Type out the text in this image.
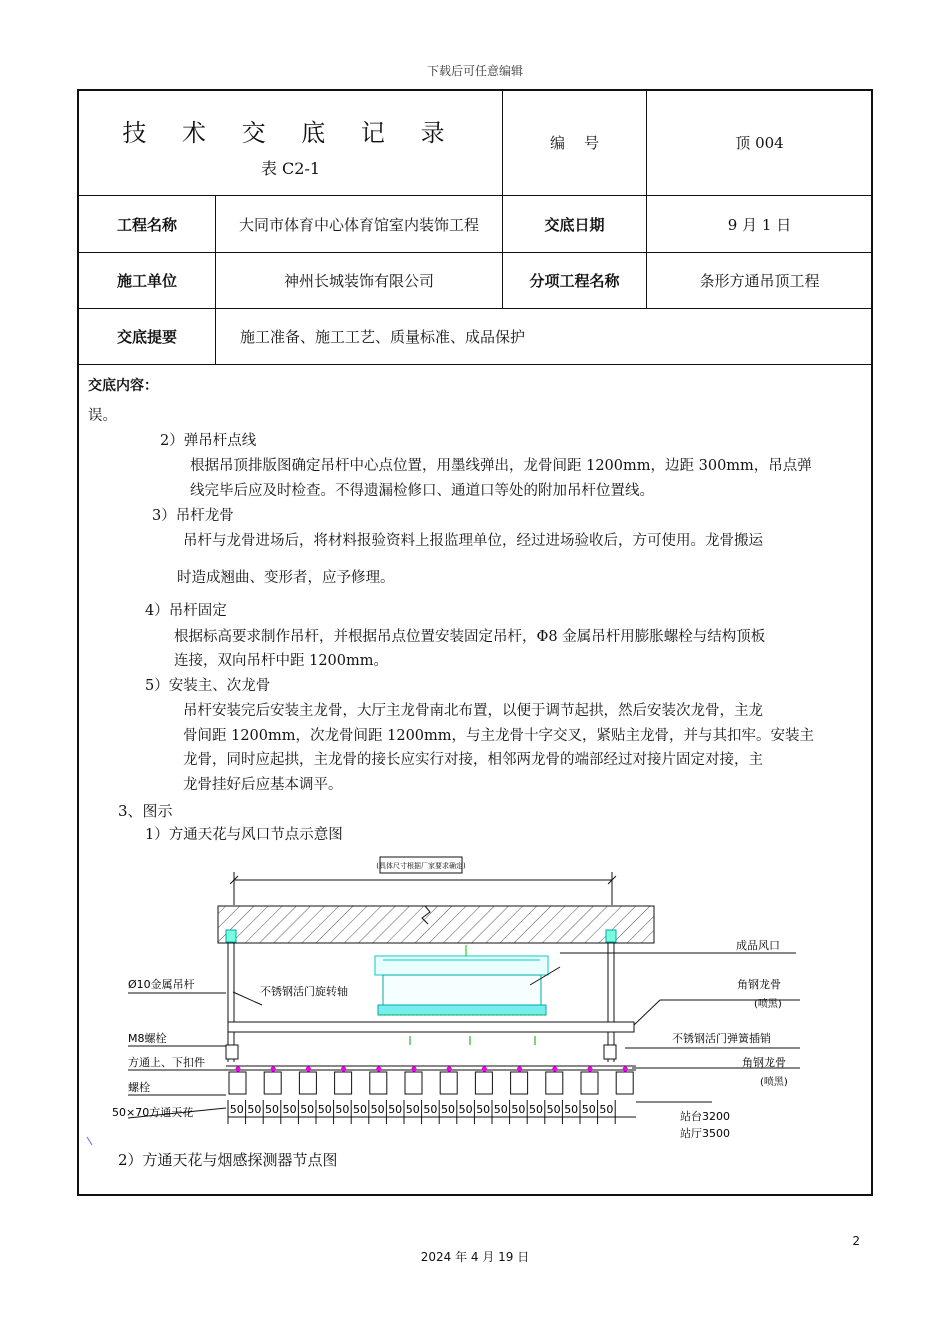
下载后可任意编辑
技 术 交 底 记 录
表 C2-1
编    号	顶 004
工程名称	大同市体育中心体育馆室内装饰工程	交底日期	9 月 1 日
施工单位	神州长城装饰有限公司	分项工程名称	条形方通吊顶工程
交底提要	施工准备、施工工艺、质量标准、成品保护
交底内容：
误。
2）弹吊杆点线
根据吊顶排版图确定吊杆中心点位置，用墨线弹出，龙骨间距 1200mm，边距 300mm，吊点弹
线完毕后应及时检查。不得遗漏检修口、通道口等处的附加吊杆位置线。
3）吊杆龙骨
吊杆与龙骨进场后，将材料报验资料上报监理单位，经过进场验收后，方可使用。龙骨搬运
时造成翘曲、变形者，应予修理。
4）吊杆固定
根据标高要求制作吊杆，并根据吊点位置安装固定吊杆，Φ8 金属吊杆用膨胀螺栓与结构顶板
连接，双向吊杆中距 1200mm。
5）安装主、次龙骨
吊杆安装完后安装主龙骨，大厅主龙骨南北布置，以便于调节起拱，然后安装次龙骨，主龙
骨间距 1200mm，次龙骨间距 1200mm，与主龙骨十字交叉，紧贴主龙骨，并与其扣牢。安装主
龙骨，同时应起拱，主龙骨的接长应实行对接，相邻两龙骨的端部经过对接片固定对接，主
龙骨挂好后应基本调平。
3、图示
1）方通天花与风口节点示意图
2）方通天花与烟感探测器节点图
(具体尺寸根据厂家要求确定)
50 50 50 50 50 50 50 50 50 50 50 50 50 50 50 50 50 50 50 50 50 50
Ø10金属吊杆
不锈钢活门旋转轴
M8螺栓
方通上、下扣件
螺栓
50×70方通天花
成品风口
角钢龙骨
(喷黑)
不锈钢活门弹簧插销
角钢龙骨
(喷黑)
站台3200
站厅3500
2
2024 年 4 月 19 日
